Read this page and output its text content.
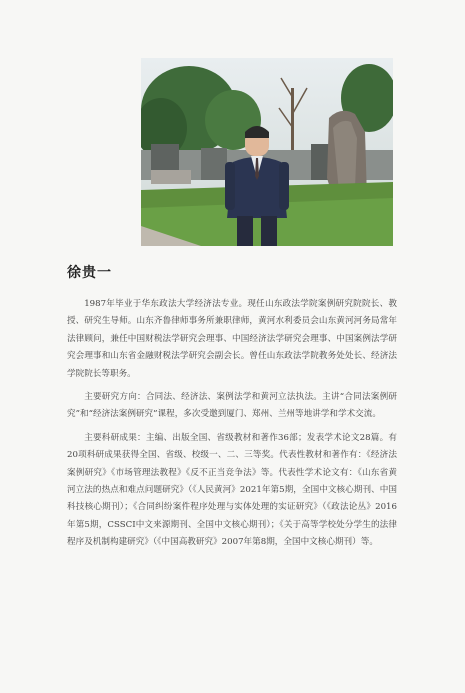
徐贵一

1987年毕业于华东政法大学经济法专业。现任山东政法学院案例研究院院长、教授、研究生导师。山东齐鲁律师事务所兼职律师，黄河水利委员会山东黄河河务局常年法律顾问，兼任中国财税法学研究会理事、中国经济法学研究会理事、中国案例法学研究会理事和山东省金融财税法学研究会副会长。曾任山东政法学院教务处处长、经济法学院院长等职务。

主要研究方向：合同法、经济法、案例法学和黄河立法执法。主讲“合同法案例研究”和“经济法案例研究”课程，多次受邀到厦门、郑州、兰州等地讲学和学术交流。

主要科研成果：主编、出版全国、省级教材和著作36部；发表学术论文28篇。有20项科研成果获得全国、省级、校级一、二、三等奖。代表性教材和著作有：《经济法案例研究》《市场管理法教程》《反不正当竞争法》等。代表性学术论文有：《山东省黄河立法的热点和难点问题研究》（《人民黄河》2021年第5期，全国中文核心期刊、中国科技核心期刊）；《合同纠纷案件程序处理与实体处理的实证研究》（《政法论丛》2016年第5期，CSSCI中文来源期刊、全国中文核心期刊）；《关于高等学校处分学生的法律程序及机制构建研究》（《中国高教研究》2007年第8期，全国中文核心期刊）等。
